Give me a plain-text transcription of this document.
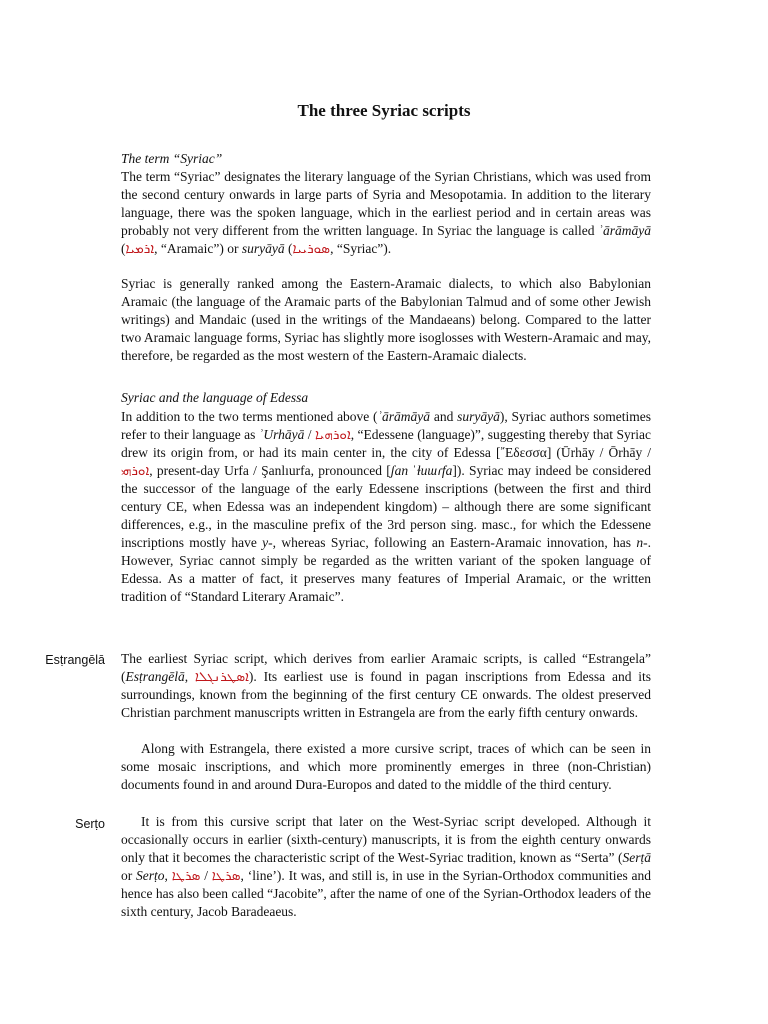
The three Syriac scripts
The term “Syriac”

The term “Syriac” designates the literary language of the Syrian Christians, which was used from the second century onwards in large parts of Syria and Mesopotamia. In addition to the literary language, there was the spoken language, which in the earliest period and in certain areas was probably not very different from the written language. In Syriac the language is called ʾārāmāyā (ܐܪܡܝܐ, “Aramaic”) or suryāyā (ܣܘܪܝܝܐ, “Syriac”).

Syriac is generally ranked among the Eastern-Aramaic dialects, to which also Babylonian Aramaic (the language of the Aramaic parts of the Babylonian Talmud and of some other Jewish writings) and Mandaic (used in the writings of the Mandaeans) belong. Compared to the latter two Aramaic language forms, Syriac has slightly more isoglosses with Western-Aramaic and may, therefore, be regarded as the most western of the Eastern-Aramaic dialects.

Syriac and the language of Edessa

In addition to the two terms mentioned above (ʾārāmāyā and suryāyā), Syriac authors sometimes refer to their language as ʾUrhāyā / ܐܘܪܗܝܐ, “Edessene (language)”, suggesting thereby that Syriac drew its origin from, or had its main center in, the city of Edessa [῎Εδεσσα] (Ūrhāy / Ōrhāy / ܐܘܪܗܝ, present-day Urfa / Şanlıurfa, pronounced [ʃan ˈɫuɯɾfa]). Syriac may indeed be considered the successor of the language of the early Edessene inscriptions (between the first and third century CE, when Edessa was an independent kingdom) – although there are some significant differences, e.g., in the masculine prefix of the 3rd person sing. masc., for which the Edessene inscriptions mostly have y-, whereas Syriac, following an Eastern-Aramaic innovation, has n-. However, Syriac cannot simply be regarded as the written variant of the spoken language of Edessa. As a matter of fact, it preserves many features of Imperial Aramaic, or the written tradition of “Standard Literary Aramaic”.

Esṭrangēlā The earliest Syriac script, which derives from earlier Aramaic scripts, is called “Estrangela” (Esṭrangēlā, ܐܣܛܪܢܓܠܐ). Its earliest use is found in pagan inscriptions from Edessa and its surroundings, known from the beginning of the first century CE onwards. The oldest preserved Christian parchment manuscripts written in Estrangela are from the early fifth century onwards.

Along with Estrangela, there existed a more cursive script, traces of which can be seen in some mosaic inscriptions, and which more prominently emerges in three (non-Christian) documents found in and around Dura-Europos and dated to the middle of the third century.

Serṭo	It is from this cursive script that later on the West-Syriac script developed. Although it occasionally occurs in earlier (sixth-century) manuscripts, it is from the eighth century onwards only that it becomes the characteristic script of the West-Syriac tradition, known as “Serta” (Serṭā or Serṭo, ܣܪܛܐ / ܣܪܛܐ, ‘line’). It was, and still is, in use in the Syrian-Orthodox communities and hence has also been called “Jacobite”, after the name of one of the Syrian-Orthodox leaders of the sixth century, Jacob Baradeaeus.
